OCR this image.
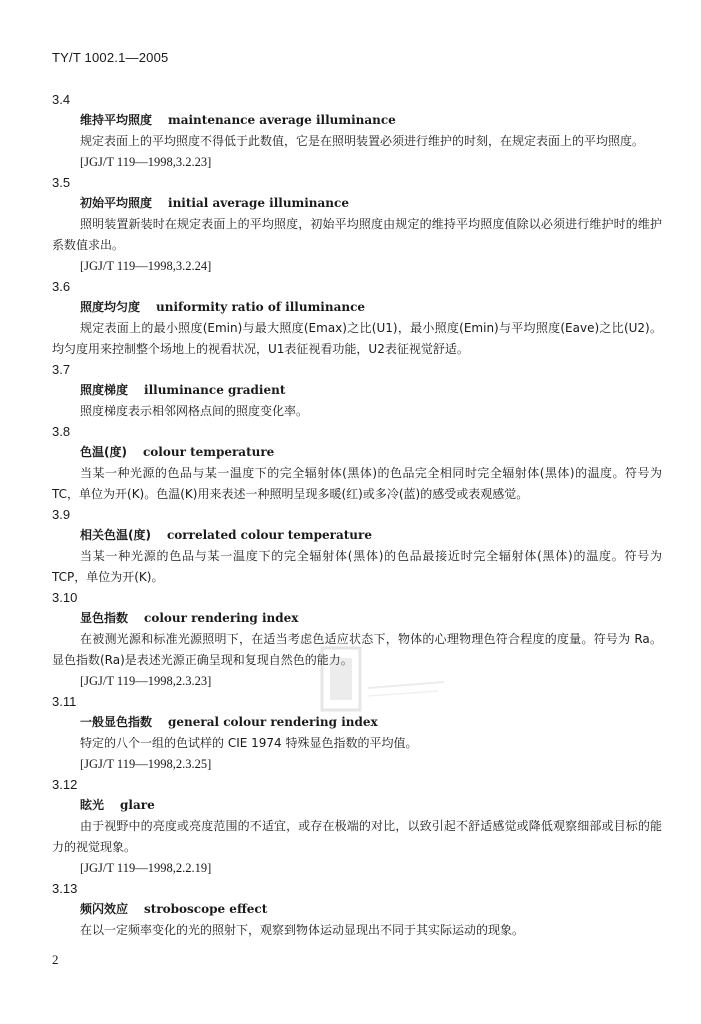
TY/T 1002.1—2005
3.4
维持平均照度 maintenance average illuminance

规定表面上的平均照度不得低于此数值，它是在照明装置必须进行维护的时刻，在规定表面上的平均照度。

[JGJ/T 119—1998,3.2.23]
3.5
初始平均照度 initial average illuminance

照明装置新装时在规定表面上的平均照度，初始平均照度由规定的维持平均照度值除以必须进行维护时的维护系数值求出。

[JGJ/T 119—1998,3.2.24]
3.6
照度均匀度 uniformity ratio of illuminance

规定表面上的最小照度(Emin)与最大照度(Emax)之比(U1)，最小照度(Emin)与平均照度(Eave)之比(U2)。均匀度用来控制整个场地上的视看状况，U1表征视看功能，U2表征视觉舒适。

3.7
照度梯度 illuminance gradient

照度梯度表示相邻网格点间的照度变化率。

3.8
色温(度) colour temperature

当某一种光源的色品与某一温度下的完全辐射体(黑体)的色品完全相同时完全辐射体(黑体)的温度。符号为 TC，单位为开(K)。色温(K)用来表述一种照明呈现多暖(红)或多冷(蓝)的感受或表观感觉。

3.9
相关色温(度) correlated colour temperature

当某一种光源的色品与某一温度下的完全辐射体(黑体)的色品最接近时完全辐射体(黑体)的温度。符号为 TCP，单位为开(K)。

3.10
显色指数 colour rendering index

在被测光源和标准光源照明下，在适当考虑色适应状态下，物体的心理物理色符合程度的度量。符号为 Ra。显色指数(Ra)是表述光源正确呈现和复现自然色的能力。

[JGJ/T 119—1998,2.3.23]
3.11
一般显色指数 general colour rendering index

特定的八个一组的色试样的 CIE 1974 特殊显色指数的平均值。

[JGJ/T 119—1998,2.3.25]
3.12
眩光 glare

由于视野中的亮度或亮度范围的不适宜，或存在极端的对比，以致引起不舒适感觉或降低观察细部或目标的能力的视觉现象。

[JGJ/T 119—1998,2.2.19]
3.13
频闪效应 stroboscope effect

在以一定频率变化的光的照射下，观察到物体运动显现出不同于其实际运动的现象。

2
